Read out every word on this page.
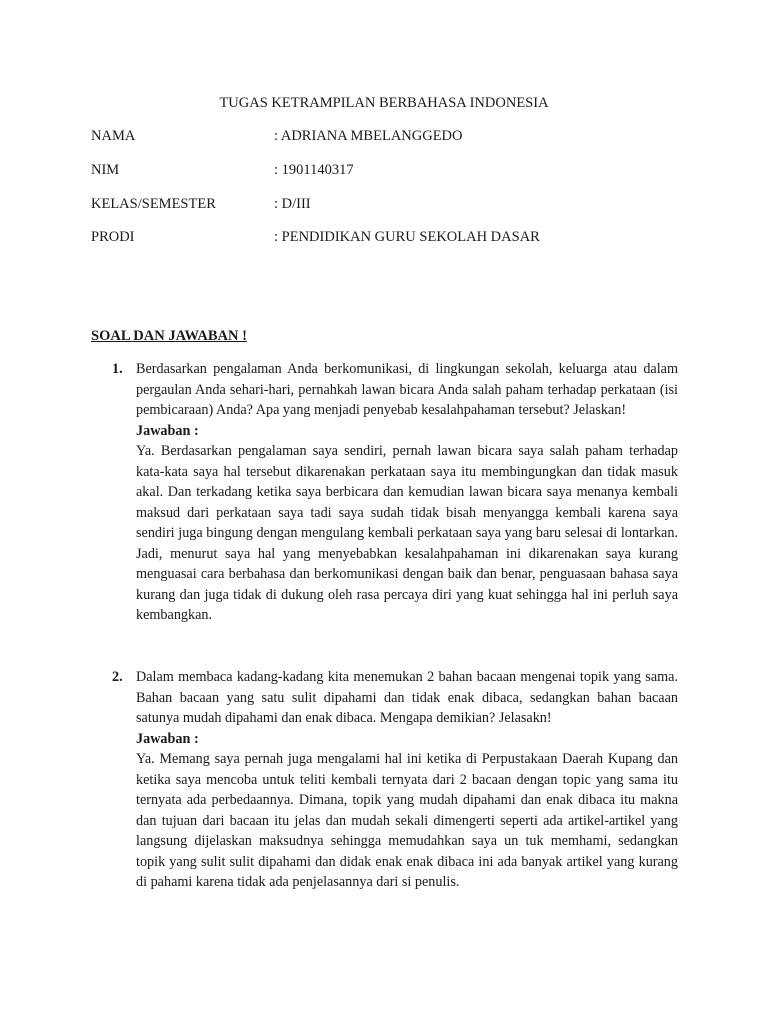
TUGAS KETRAMPILAN BERBAHASA INDONESIA
NAMA	: ADRIANA MBELANGGEDO
NIM	: 1901140317
KELAS/SEMESTER	: D/III
PRODI	: PENDIDIKAN GURU SEKOLAH DASAR
SOAL DAN JAWABAN !
1. Berdasarkan pengalaman Anda berkomunikasi, di lingkungan sekolah, keluarga atau dalam pergaulan Anda sehari-hari, pernahkah lawan bicara Anda salah paham terhadap perkataan (isi pembicaraan) Anda? Apa yang menjadi penyebab kesalahpahaman tersebut? Jelaskan!

Jawaban :

Ya. Berdasarkan pengalaman saya sendiri, pernah lawan bicara saya salah paham terhadap kata-kata saya hal tersebut dikarenakan perkataan saya itu membingungkan dan tidak masuk akal. Dan terkadang ketika saya berbicara dan kemudian lawan bicara saya menanya kembali maksud dari perkataan saya tadi saya sudah tidak bisah menyangga kembali karena saya sendiri juga bingung dengan mengulang kembali perkataan saya yang baru selesai di lontarkan. Jadi, menurut saya hal yang menyebabkan kesalahpahaman ini dikarenakan saya kurang menguasai cara berbahasa dan berkomunikasi dengan baik dan benar, penguasaan bahasa saya kurang dan juga tidak di dukung oleh rasa percaya diri yang kuat sehingga hal ini perluh saya kembangkan.

2. Dalam membaca kadang-kadang kita menemukan 2 bahan bacaan mengenai topik yang sama. Bahan bacaan yang satu sulit dipahami dan tidak enak dibaca, sedangkan bahan bacaan satunya mudah dipahami dan enak dibaca. Mengapa demikian? Jelasakn!

Jawaban :

Ya. Memang saya pernah juga mengalami hal ini ketika di Perpustakaan Daerah Kupang dan ketika saya mencoba untuk teliti kembali ternyata dari 2 bacaan dengan topic yang sama itu ternyata ada perbedaannya. Dimana, topik yang mudah dipahami dan enak dibaca itu makna dan tujuan dari bacaan itu jelas dan mudah sekali dimengerti seperti ada artikel-artikel yang langsung dijelaskan maksudnya sehingga memudahkan saya un tuk memhami, sedangkan topik yang sulit sulit dipahami dan didak enak enak dibaca ini ada banyak artikel yang kurang di pahami karena tidak ada penjelasannya dari si penulis.
